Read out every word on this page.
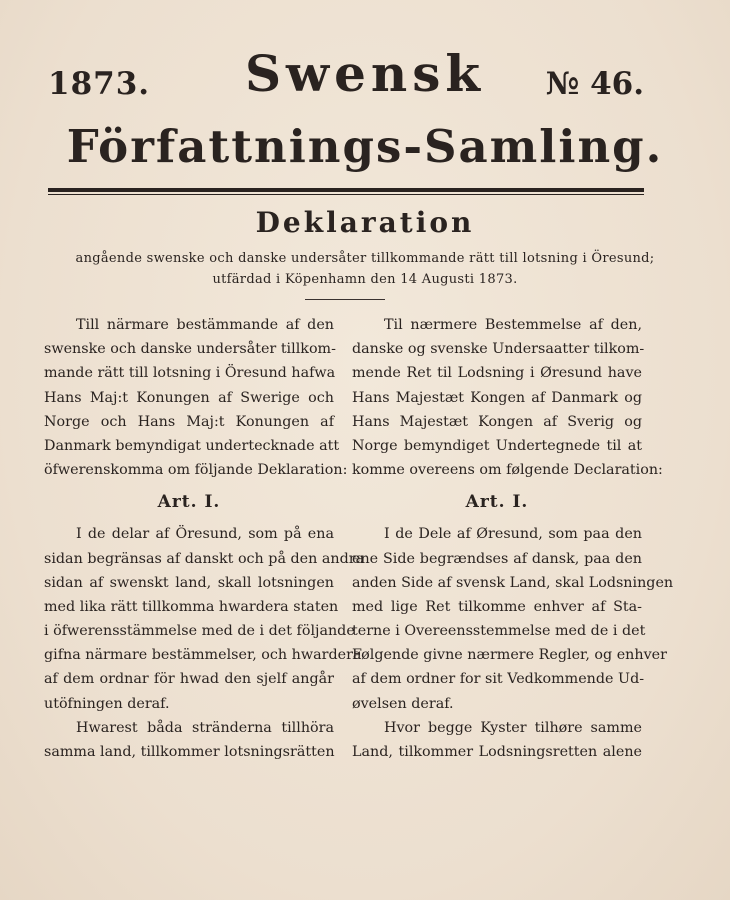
1873.	Swensk	№ 46.
Författnings-Samling.
Deklaration
angående swenske och danske undersåter tillkommande rätt till lotsning i Öresund;
utfärdad i Köpenhamn den 14 Augusti 1873.
Till närmare bestämmande af den
swenske och danske undersåter tillkom-
mande rätt till lotsning i Öresund hafwa
Hans Maj:t Konungen af Swerige och
Norge och Hans Maj:t Konungen af
Danmark bemyndigat undertecknade att
öfwerenskomma om följande Deklaration:
Art. I.
I de delar af Öresund, som på ena
sidan begränsas af danskt och på den andra
sidan af swenskt land, skall lotsningen
med lika rätt tillkomma hwardera staten
i öfwerensstämmelse med de i det följande
gifna närmare bestämmelser, och hwardera
af dem ordnar för hwad den sjelf angår
utöfningen deraf.
Hwarest båda stränderna tillhöra
samma land, tillkommer lotsningsrätten
Til nærmere Bestemmelse af den,
danske og svenske Undersaatter tilkom-
mende Ret til Lodsning i Øresund have
Hans Majestæt Kongen af Danmark og
Hans Majestæt Kongen af Sverig og
Norge bemyndiget Undertegnede til at
komme overeens om følgende Declaration:
Art. I.
I de Dele af Øresund, som paa den
ene Side begrændses af dansk, paa den
anden Side af svensk Land, skal Lodsningen
med lige Ret tilkomme enhver af Sta-
terne i Overeensstemmelse med de i det
Følgende givne nærmere Regler, og enhver
af dem ordner for sit Vedkommende Ud-
øvelsen deraf.
Hvor begge Kyster tilhøre samme
Land, tilkommer Lodsningsretten alene
